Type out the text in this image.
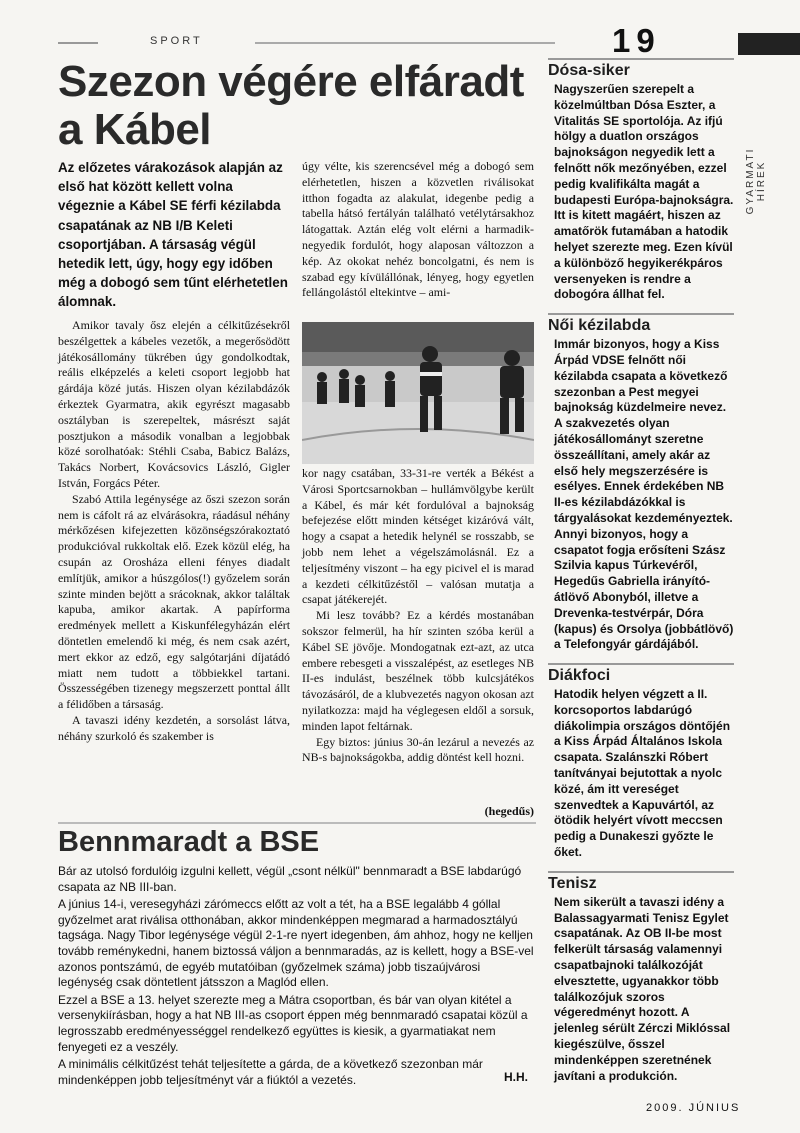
SPORT	19
GYARMATI HÍREK
Szezon végére elfáradt a Kábel
Az előzetes várakozások alapján az első hat között kellett volna végeznie a Kábel SE férfi kézilabda csapatának az NB I/B Keleti csoportjában. A társaság végül hetedik lett, úgy, hogy egy időben még a dobogó sem tűnt elérhetetlen álomnak.

Amikor tavaly ősz elején a célkitűzésekről beszélgettek a kábeles vezetők, a megerősödött játékosállomány tükrében úgy gondolkodtak, reális elképzelés a keleti csoport legjobb hat gárdája közé jutás. Hiszen olyan kézilabdázók érkeztek Gyarmatra, akik egyrészt magasabb osztályban is szerepeltek, másrészt saját posztjukon a második vonalban a legjobbak közé sorolhatóak: Stéhli Csaba, Babicz Balázs, Takács Norbert, Kovácsovics László, Gigler István, Forgács Péter.

Szabó Attila legénysége az őszi szezon során nem is cáfolt rá az elvárásokra, ráadásul néhány mérkőzésen kifejezetten közönségszórakoztató produkcióval rukkoltak elő. Ezek közül elég, ha csupán az Orosháza elleni fényes diadalt említjük, amikor a húszgólos(!) győzelem során szinte minden bejött a srácoknak, akkor találtak kapuba, amikor akartak. A papírforma eredmények mellett a Kiskunfélegyházán elért döntetlen emelendő ki még, és nem csak azért, mert ekkor az edző, egy salgótarjáni díjatádó miatt nem tudott a többiekkel tartani. Összességében tizenegy megszerzett ponttal állt a félidőben a társaság.

A tavaszi idény kezdetén, a sorsolást látva, néhány szurkoló és szakember is

úgy vélte, kis szerencsével még a dobogó sem elérhetetlen, hiszen a közvetlen riválisokat itthon fogadta az alakulat, idegenbe pedig a tabella hátsó fertályán található vetélytársakhoz látogattak. Aztán elég volt elérni a harmadik-negyedik fordulót, hogy alaposan változzon a kép. Az okokat nehéz boncolgatni, és nem is szabad egy kívülállónak, lényeg, hogy egyetlen fellángolástól eltekintve – ami-

kor nagy csatában, 33-31-re verték a Békést a Városi Sportcsarnokban – hullámvölgybe került a Kábel, és már két fordulóval a bajnokság befejezése előtt minden kétséget kizáróvá vált, hogy a csapat a hetedik helynél se rosszabb, se jobb nem lehet a végelszámolásnál. Ez a teljesítmény viszont – ha egy picivel el is marad a kezdeti célkitűzéstől – valósan mutatja a csapat játékerejét.

Mi lesz tovább? Ez a kérdés mostanában sokszor felmerül, ha hír szinten szóba kerül a Kábel SE jövője. Mondogatnak ezt-azt, az utca embere rebesgeti a visszalépést, az esetleges NB II-es indulást, beszélnek több kulcsjátékos távozásáról, de a klubvezetés nagyon okosan azt nyilatkozza: majd ha véglegesen eldől a sorsuk, minden lapot feltárnak.

Egy biztos: június 30-án lezárul a nevezés az NB-s bajnokságokba, addig döntést kell hozni.

(hegedűs)
Bennmaradt a BSE

Bár az utolsó fordulóig izgulni kellett, végül „csont nélkül" bennmaradt a BSE labdarúgó csapata az NB III-ban.

A június 14-i, veresegyházi zárómeccs előtt az volt a tét, ha a BSE legalább 4 góllal győzelmet arat riválisa otthonában, akkor mindenképpen megmarad a harmadosztályú tagsága. Nagy Tibor legénysége végül 2-1-re nyert idegenben, ám ahhoz, hogy ne kelljen tovább reménykedni, hanem biztossá váljon a bennmaradás, az is kellett, hogy a BSE-vel azonos pontszámú, de egyéb mutatóiban (győzelmek száma) jobb tiszaújvárosi legénység csak döntetlent játsszon a Maglód ellen.

Ezzel a BSE a 13. helyet szerezte meg a Mátra csoportban, és bár van olyan kitétel a versenykiírásban, hogy a hat NB III-as csoport éppen még bennmaradó csapatai közül a legrosszabb eredményességgel rendelkező együttes is kiesik, a gyarmatiakat nem fenyegeti ez a veszély.

A minimális célkitűzést tehát teljesítette a gárda, de a következő szezonban már mindenképpen jobb teljesítményt vár a fiúktól a vezetés.	H.H.

Dósa-siker

Nagyszerűen szerepelt a közelmúltban Dósa Eszter, a Vitalitás SE sportolója. Az ifjú hölgy a duatlon országos bajnokságon negyedik lett a felnőtt nők mezőnyében, ezzel pedig kvalifikálta magát a budapesti Európa-bajnokságra. Itt is kitett magáért, hiszen az amatőrök futamában a hatodik helyet szerezte meg. Ezen kívül a különböző hegyikerékpáros versenyeken is rendre a dobogóra állhat fel.

Női kézilabda

Immár bizonyos, hogy a Kiss Árpád VDSE felnőtt női kézilabda csapata a következő szezonban a Pest megyei bajnokság küzdelmeire nevez. A szakvezetés olyan játékosállományt szeretne összeállítani, amely akár az első hely megszerzésére is esélyes. Ennek érdekében NB II-es kézilabdázókkal is tárgyalásokat kezdeményeztek. Annyi bizonyos, hogy a csapatot fogja erősíteni Szász Szilvia kapus Túrkevéről, Hegedűs Gabriella irányító-átlövő Abonyból, illetve a Drevenka-testvérpár, Dóra (kapus) és Orsolya (jobbátlövő) a Telefongyár gárdájából.

Diákfoci

Hatodik helyen végzett a II. korcsoportos labdarúgó diákolimpia országos döntőjén a Kiss Árpád Általános Iskola csapata. Szalánszki Róbert tanítványai bejutottak a nyolc közé, ám itt vereséget szenvedtek a Kapuvártól, az ötödik helyért vívott meccsen pedig a Dunakeszi győzte le őket.

Tenisz

Nem sikerült a tavaszi idény a Balassagyarmati Tenisz Egylet csapatának. Az OB II-be most felkerült társaság valamennyi csapatbajnoki találkozóját elvesztette, ugyanakkor több találkozójuk szoros végeredményt hozott. A jelenleg sérült Zérczi Miklóssal kiegészülve, ősszel mindenképpen szeretnének javítani a produkción.

2009. JÚNIUS
